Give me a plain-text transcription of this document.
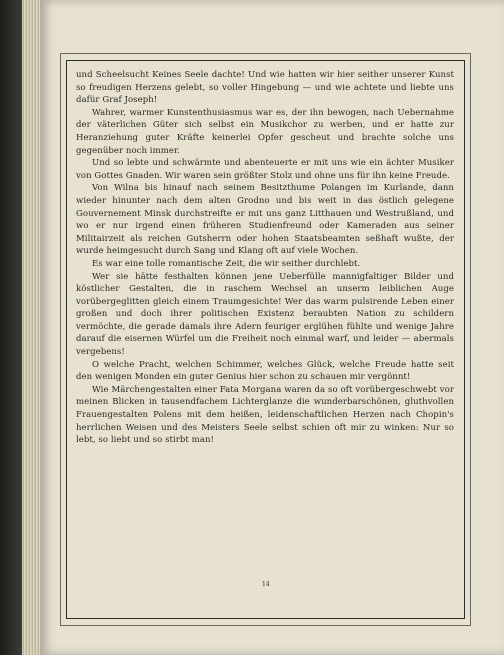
und Scheelsucht Keines Seele dachte! Und wie hatten wir hier seither unserer Kunst so freudigen Herzens gelebt, so voller Hingebung — und wie achtete und liebte uns dafür Graf Joseph!

Wahrer, warmer Kunstenthusiasmus war es, der ihn bewogen, nach Uebernahme der väterlichen Güter sich selbst ein Musikchor zu werben, und er hatte zur Heranziehung guter Kräfte keinerlei Opfer gescheut und brachte solche uns gegenüber noch immer.

Und so lebte und schwärmte und abenteuerte er mit uns wie ein ächter Musiker von Gottes Gnaden. Wir waren sein größter Stolz und ohne uns für ihn keine Freude.

Von Wilna bis hinauf nach seinem Besitzthume Polangen im Kurlande, dann wieder hinunter nach dem alten Grodno und bis weit in das östlich gelegene Gouvernement Minsk durchstreifte er mit uns ganz Litthauen und Westrußland, und wo er nur irgend einen früheren Studienfreund oder Kameraden aus seiner Militairzeit als reichen Gutsherrn oder hohen Staatsbeamten seßhaft wußte, der wurde heimgesucht durch Sang und Klang oft auf viele Wochen.

Es war eine tolle romantische Zeit, die wir seither durchlebt.

Wer sie hätte festhalten können jene Ueberfülle mannigfaltiger Bilder und köstlicher Gestalten, die in raschem Wechsel an unserm leiblichen Auge vorübergeglitten gleich einem Traumgesichte! Wer das warm pulsirende Leben einer großen und doch ihrer politischen Existenz beraubten Nation zu schildern vermöchte, die gerade damals ihre Adern feuriger erglühen fühlte und wenige Jahre darauf die eisernen Würfel um die Freiheit noch einmal warf, und leider — abermals vergebens!

O welche Pracht, welchen Schimmer, welches Glück, welche Freude hatte seit den wenigen Monden ein guter Genius hier schon zu schauen mir vergönnt!

Wie Märchengestalten einer Fata Morgana waren da so oft vorübergeschwebt vor meinen Blicken in tausendfachem Lichterglanze die wunderbarschönen, gluthvollen Frauengestalten Polens mit dem heißen, leidenschaftlichen Herzen nach Chopin's herrlichen Weisen und des Meisters Seele selbst schien oft mir zu winken: Nur so lebt, so liebt und so stirbt man!

14
